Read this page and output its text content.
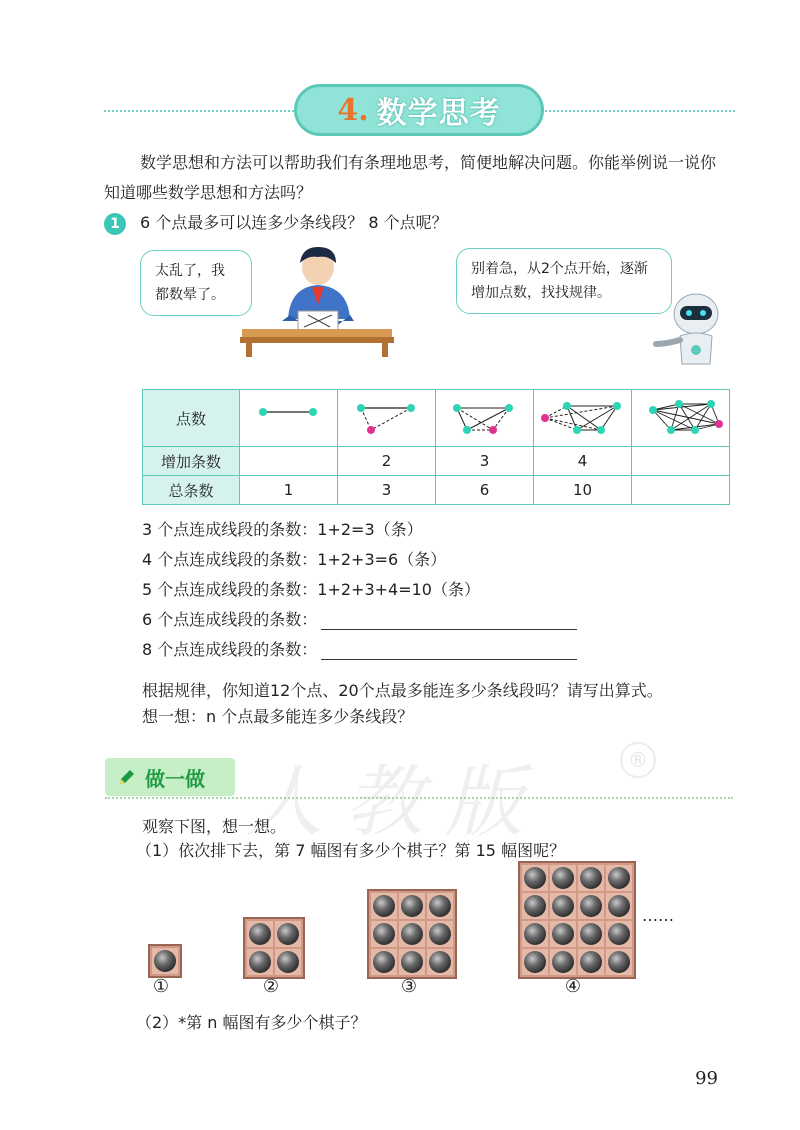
4. 数学思考
数学思想和方法可以帮助我们有条理地思考，简便地解决问题。你能举例说一说你知道哪些数学思想和方法吗？
1	6 个点最多可以连多少条线段？ 8 个点呢？
太乱了，我都数晕了。
别着急，从2个点开始，逐渐增加点数，找找规律。
点数					
增加条数		2	3	4	
总条数	1	3	6	10	
3 个点连成线段的条数：1+2=3（条）
4 个点连成线段的条数：1+2+3=6（条）
5 个点连成线段的条数：1+2+3+4=10（条）
6 个点连成线段的条数：
8 个点连成线段的条数：
根据规律，你知道12个点、20个点最多能连多少条线段吗？请写出算式。
想一想：n 个点最多能连多少条线段？
人教版	®
做一做
观察下图，想一想。
（1）依次排下去，第 7 幅图有多少个棋子？第 15 幅图呢？
……
①	②	③	④
（2）*第 n 幅图有多少个棋子？
99
